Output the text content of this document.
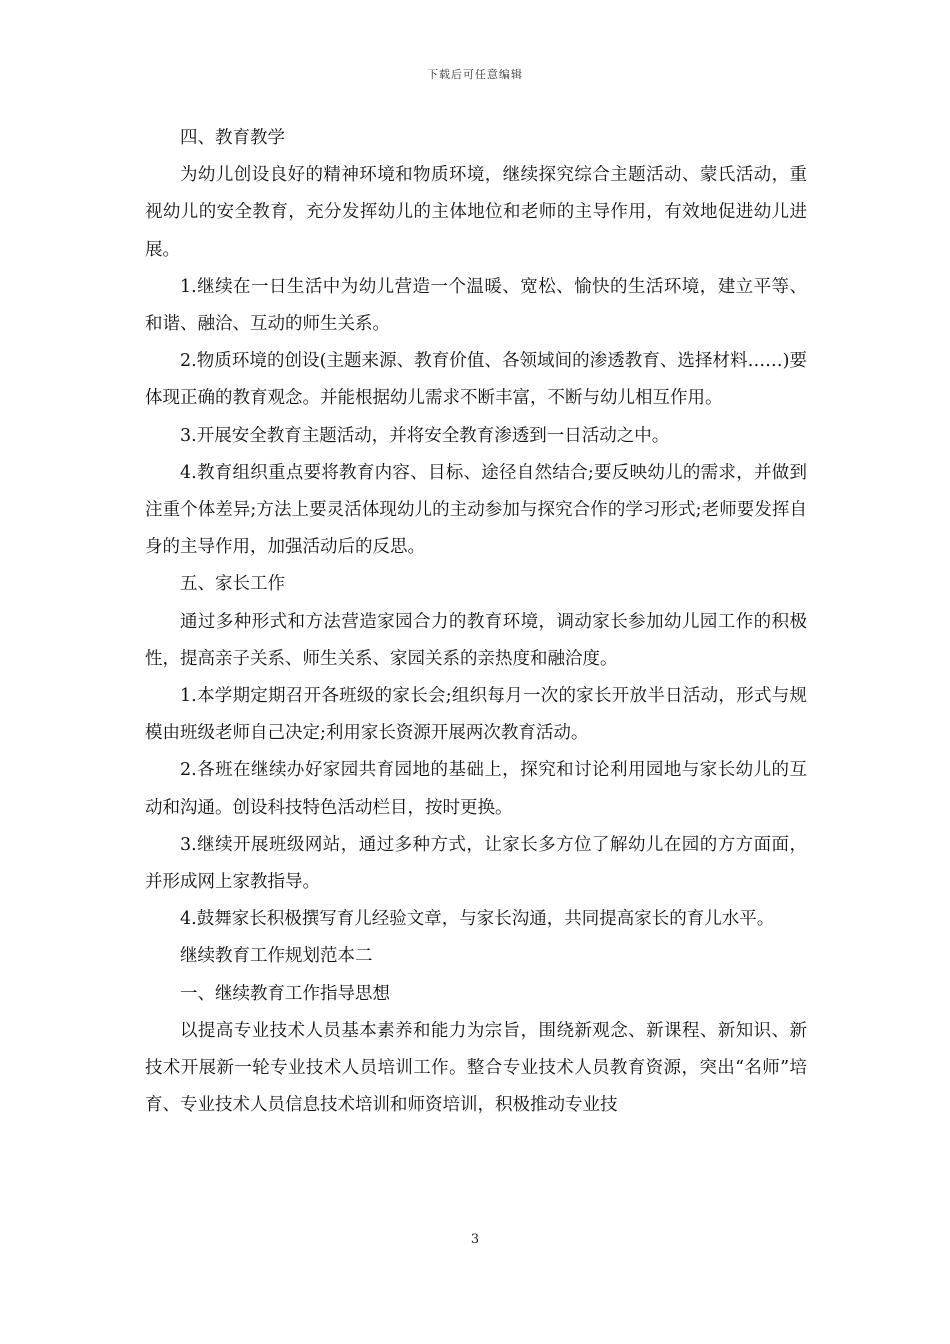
下载后可任意编辑

四、教育教学

为幼儿创设良好的精神环境和物质环境，继续探究综合主题活动、蒙氏活动，重视幼儿的安全教育，充分发挥幼儿的主体地位和老师的主导作用，有效地促进幼儿进展。

1.继续在一日生活中为幼儿营造一个温暖、宽松、愉快的生活环境，建立平等、和谐、融洽、互动的师生关系。

2.物质环境的创设(主题来源、教育价值、各领域间的渗透教育、选择材料……)要体现正确的教育观念。并能根据幼儿需求不断丰富，不断与幼儿相互作用。

3.开展安全教育主题活动，并将安全教育渗透到一日活动之中。

4.教育组织重点要将教育内容、目标、途径自然结合;要反映幼儿的需求，并做到注重个体差异;方法上要灵活体现幼儿的主动参加与探究合作的学习形式;老师要发挥自身的主导作用，加强活动后的反思。

五、家长工作

通过多种形式和方法营造家园合力的教育环境，调动家长参加幼儿园工作的积极性，提高亲子关系、师生关系、家园关系的亲热度和融洽度。

1.本学期定期召开各班级的家长会;组织每月一次的家长开放半日活动，形式与规模由班级老师自己决定;利用家长资源开展两次教育活动。

2.各班在继续办好家园共育园地的基础上，探究和讨论利用园地与家长幼儿的互动和沟通。创设科技特色活动栏目，按时更换。

3.继续开展班级网站，通过多种方式，让家长多方位了解幼儿在园的方方面面，并形成网上家教指导。

4.鼓舞家长积极撰写育儿经验文章，与家长沟通，共同提高家长的育儿水平。

继续教育工作规划范本二

一、继续教育工作指导思想

以提高专业技术人员基本素养和能力为宗旨，围绕新观念、新课程、新知识、新技术开展新一轮专业技术人员培训工作。整合专业技术人员教育资源，突出“名师”培育、专业技术人员信息技术培训和师资培训，积极推动专业技

3
